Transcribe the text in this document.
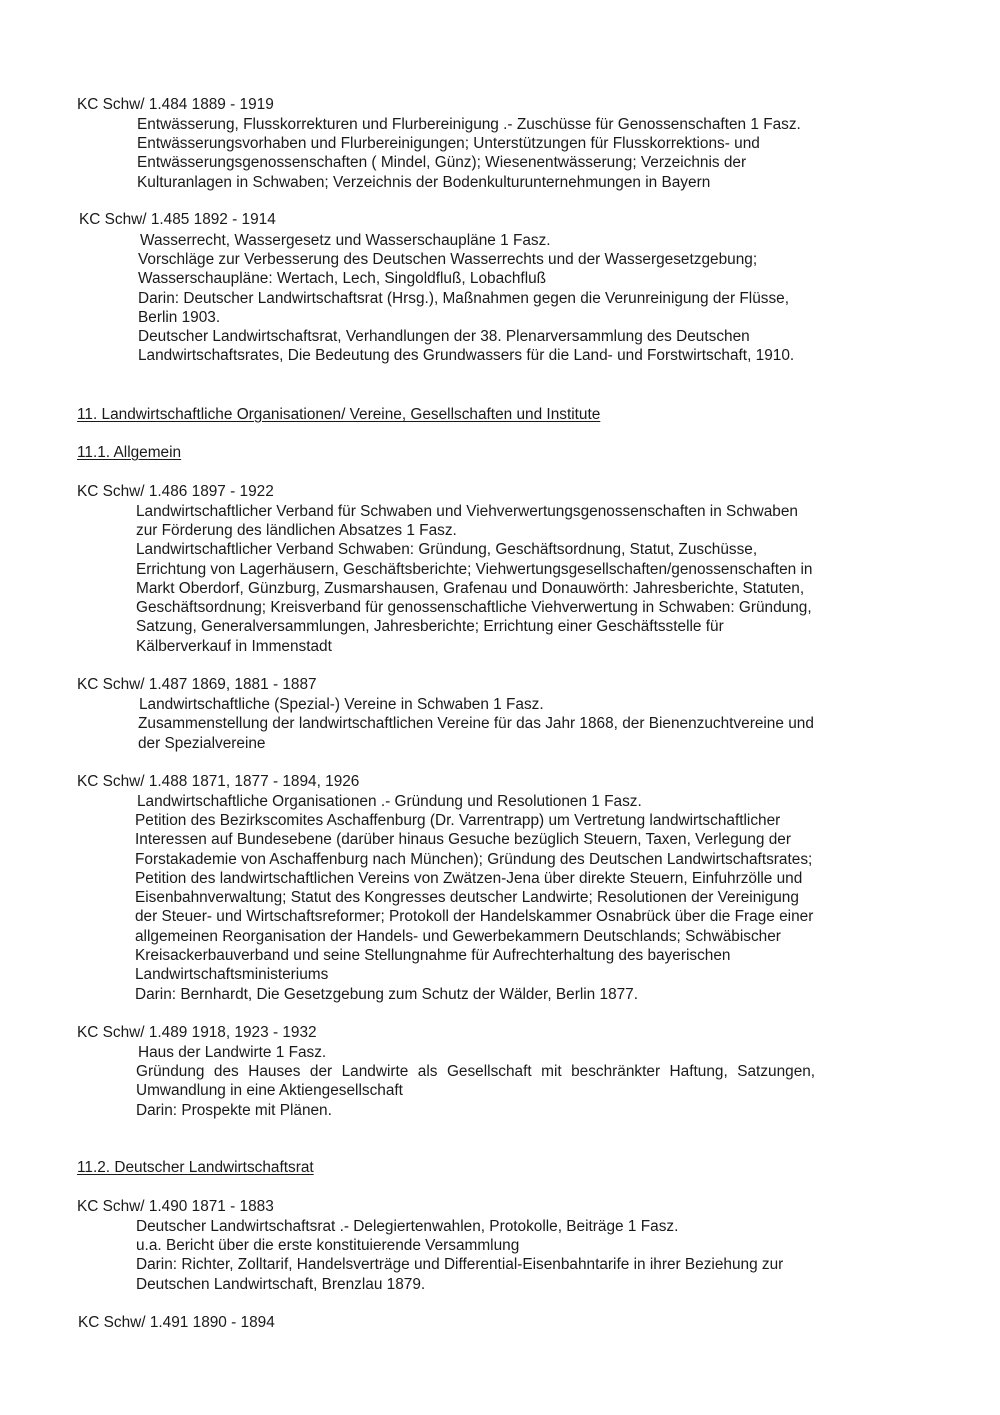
KC Schw/ 1.484 1889 - 1919
Entwässerung, Flusskorrekturen und Flurbereinigung .- Zuschüsse für Genossenschaften 1 Fasz.
Entwässerungsvorhaben und Flurbereinigungen; Unterstützungen für Flusskorrektions- und
Entwässerungsgenossenschaften ( Mindel, Günz); Wiesenentwässerung; Verzeichnis der
Kulturanlagen in Schwaben; Verzeichnis der Bodenkulturunternehmungen in Bayern
KC Schw/ 1.485 1892 - 1914
Wasserrecht, Wassergesetz und Wasserschaupläne 1 Fasz.
Vorschläge zur Verbesserung des Deutschen Wasserrechts und der Wassergesetzgebung;
Wasserschaupläne: Wertach, Lech, Singoldfluß, Lobachfluß
Darin: Deutscher Landwirtschaftsrat (Hrsg.), Maßnahmen gegen die Verunreinigung der Flüsse,
Berlin 1903.
Deutscher Landwirtschaftsrat, Verhandlungen der 38. Plenarversammlung des Deutschen
Landwirtschaftsrates, Die Bedeutung des Grundwassers für die Land- und Forstwirtschaft, 1910.
11. Landwirtschaftliche Organisationen/ Vereine, Gesellschaften und Institute
11.1. Allgemein
KC Schw/ 1.486 1897 - 1922
Landwirtschaftlicher Verband für Schwaben und Viehverwertungsgenossenschaften in Schwaben
zur Förderung des ländlichen Absatzes 1 Fasz.
Landwirtschaftlicher Verband Schwaben: Gründung, Geschäftsordnung, Statut, Zuschüsse,
Errichtung von Lagerhäusern, Geschäftsberichte; Viehwertungsgesellschaften/genossenschaften in
Markt Oberdorf, Günzburg, Zusmarshausen, Grafenau und Donauwörth: Jahresberichte, Statuten,
Geschäftsordnung; Kreisverband für genossenschaftliche Viehverwertung in Schwaben: Gründung,
Satzung, Generalversammlungen, Jahresberichte; Errichtung einer Geschäftsstelle für
Kälberverkauf in Immenstadt
KC Schw/ 1.487 1869, 1881 - 1887
Landwirtschaftliche (Spezial-) Vereine in Schwaben 1 Fasz.
Zusammenstellung der landwirtschaftlichen Vereine für das Jahr 1868, der Bienenzuchtvereine und
der Spezialvereine
KC Schw/ 1.488 1871, 1877 - 1894, 1926
Landwirtschaftliche Organisationen .- Gründung und Resolutionen 1 Fasz.
Petition des Bezirkscomites Aschaffenburg (Dr. Varrentrapp) um Vertretung landwirtschaftlicher
Interessen auf Bundesebene (darüber hinaus Gesuche bezüglich Steuern, Taxen, Verlegung der
Forstakademie von Aschaffenburg nach München); Gründung des Deutschen Landwirtschaftsrates;
Petition des landwirtschaftlichen Vereins von Zwätzen-Jena über direkte Steuern, Einfuhrzölle und
Eisenbahnverwaltung; Statut des Kongresses deutscher Landwirte; Resolutionen der Vereinigung
der Steuer- und Wirtschaftsreformer; Protokoll der Handelskammer Osnabrück über die Frage einer
allgemeinen Reorganisation der Handels- und Gewerbekammern Deutschlands; Schwäbischer
Kreisackerbauverband und seine Stellungnahme für Aufrechterhaltung des bayerischen
Landwirtschaftsministeriums
Darin: Bernhardt, Die Gesetzgebung zum Schutz der Wälder, Berlin 1877.
KC Schw/ 1.489 1918, 1923 - 1932
Haus der Landwirte 1 Fasz.
Gründung des Hauses der Landwirte als Gesellschaft mit beschränkter Haftung, Satzungen,
Umwandlung in eine Aktiengesellschaft
Darin: Prospekte mit Plänen.
11.2. Deutscher Landwirtschaftsrat
KC Schw/ 1.490 1871 - 1883
Deutscher Landwirtschaftsrat .- Delegiertenwahlen, Protokolle, Beiträge 1 Fasz.
u.a. Bericht über die erste konstituierende Versammlung
Darin: Richter, Zolltarif, Handelsverträge und Differential-Eisenbahntarife in ihrer Beziehung zur
Deutschen Landwirtschaft, Brenzlau 1879.
KC Schw/ 1.491 1890 - 1894
